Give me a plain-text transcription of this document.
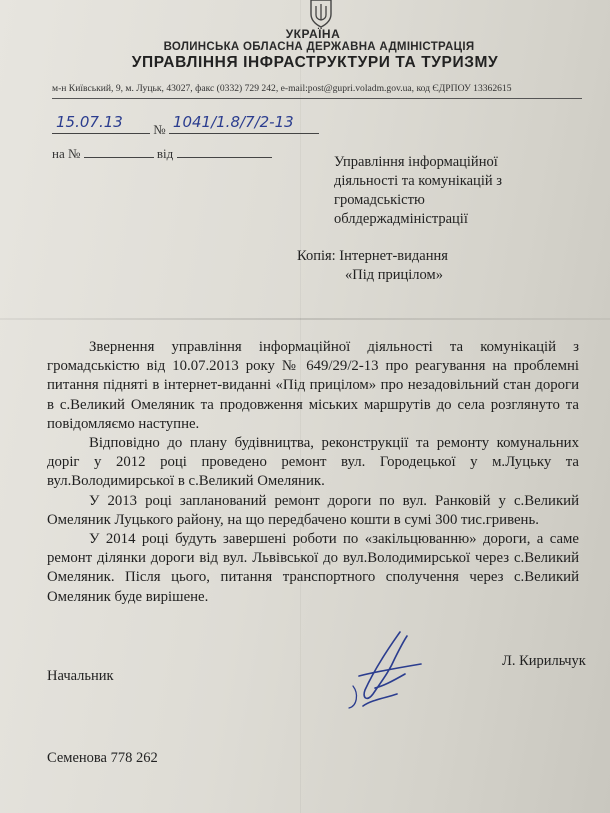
УКРАЇНА
ВОЛИНСЬКА ОБЛАСНА ДЕРЖАВНА АДМІНІСТРАЦІЯ
УПРАВЛІННЯ ІНФРАСТРУКТУРИ ТА ТУРИЗМУ
м-н Київський, 9, м. Луцьк, 43027, факс (0332) 729 242, e-mail:post@gupri.voladm.gov.ua, код ЄДРПОУ 13362615
15.07.13 № 1041/1.8/7/2-13
на №	від
Управління інформаційної
діяльності та комунікацій з
громадськістю
облдержадміністрації
Копія: Інтернет-видання
«Під прицілом»

Звернення управління інформаційної діяльності та комунікацій з громадськістю від 10.07.2013 року № 649/29/2-13 про реагування на проблемні питання підняті в інтернет-виданні «Під прицілом» про незадовільний стан дороги в с.Великий Омеляник та продовження міських маршрутів до села розглянуто та повідомляємо наступне.

Відповідно до плану будівництва, реконструкції та ремонту комунальних доріг у 2012 році проведено ремонт вул. Городецької у м.Луцьку та вул.Володимирської в с.Великий Омеляник.

У 2013 році запланований ремонт дороги по вул. Ранковій у с.Великий Омеляник Луцького району, на що передбачено кошти в сумі 300 тис.гривень.

У 2014 році будуть завершені роботи по «закільцюванню» дороги, а саме ремонт ділянки дороги від вул. Львівської до вул.Володимирської через с.Великий Омеляник. Після цього, питання транспортного сполучення через с.Великий Омеляник буде вирішене.

Начальник
Л. Кирильчук
Семенова 778 262
